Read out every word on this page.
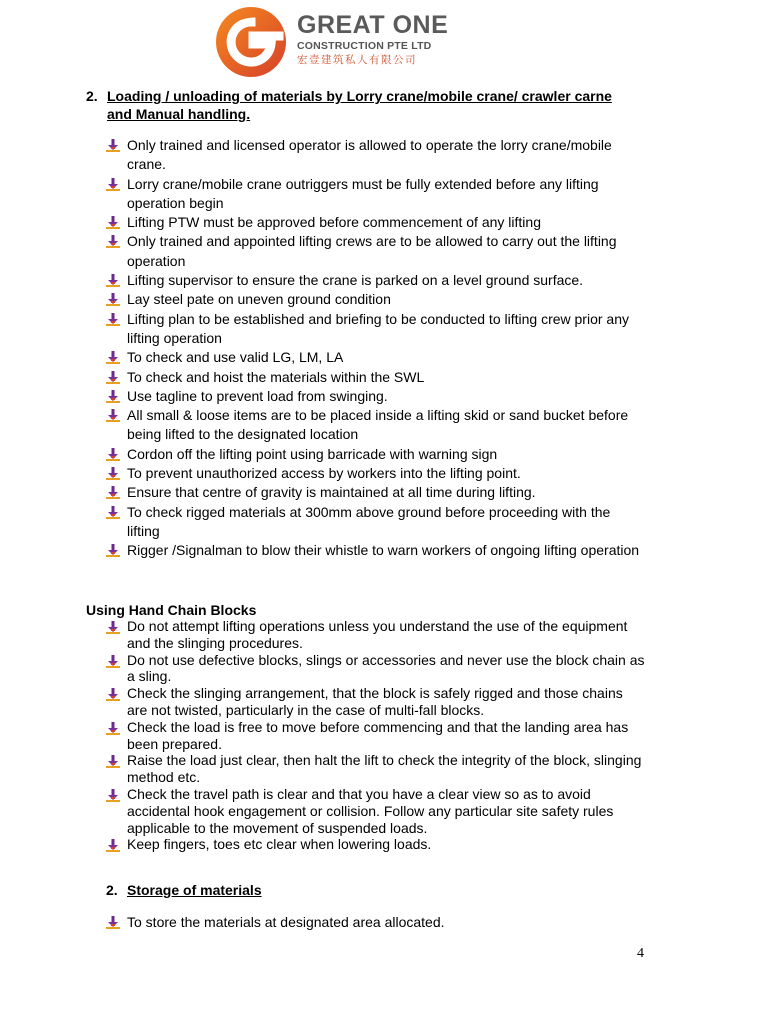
GREAT ONE
CONSTRUCTION PTE LTD
宏壹建筑私人有限公司
2. Loading / unloading of materials by Lorry crane/mobile crane/ crawler carne
and Manual handling.
Only trained and licensed operator is allowed to operate the lorry crane/mobile crane.
Lorry crane/mobile crane outriggers must be fully extended before any lifting operation begin
Lifting PTW must be approved before commencement of any lifting
Only trained and appointed lifting crews are to be allowed to carry out the lifting operation
Lifting supervisor to ensure the crane is parked on a level ground surface.
Lay steel pate on uneven ground condition
Lifting plan to be established and briefing to be conducted to lifting crew prior any lifting operation
To check and use valid LG, LM, LA
To check and hoist the materials within the SWL
Use tagline to prevent load from swinging.
All small & loose items are to be placed inside a lifting skid or sand bucket before being lifted to the designated location
Cordon off the lifting point using barricade with warning sign
To prevent unauthorized access by workers into the lifting point.
Ensure that centre of gravity is maintained at all time during lifting.
To check rigged materials at 300mm above ground before proceeding with the lifting
Rigger /Signalman to blow their whistle to warn workers of ongoing lifting operation
Using Hand Chain Blocks
Do not attempt lifting operations unless you understand the use of the equipment and the slinging procedures.
Do not use defective blocks, slings or accessories and never use the block chain as a sling.
Check the slinging arrangement, that the block is safely rigged and those chains are not twisted, particularly in the case of multi-fall blocks.
Check the load is free to move before commencing and that the landing area has been prepared.
Raise the load just clear, then halt the lift to check the integrity of the block, slinging method etc.
Check the travel path is clear and that you have a clear view so as to avoid accidental hook engagement or collision. Follow any particular site safety rules applicable to the movement of suspended loads.
Keep fingers, toes etc clear when lowering loads.
2. Storage of materials
To store the materials at designated area allocated.
4
